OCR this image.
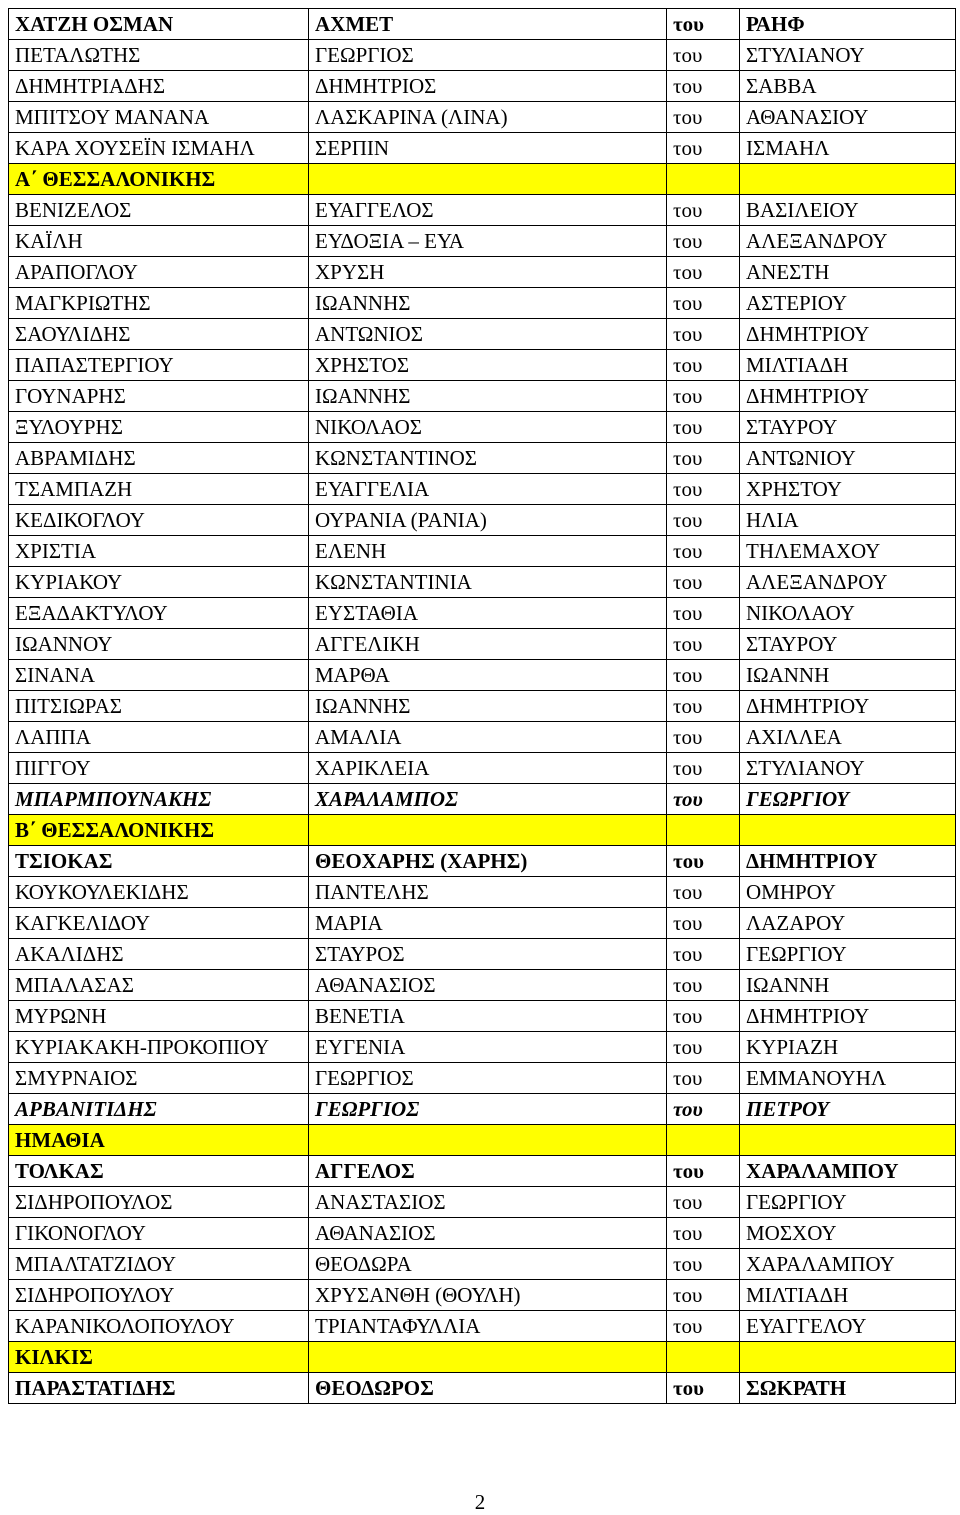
ΧΑΤΖΗ ΟΣΜΑΝ	ΑΧΜΕΤ	του	ΡΑΗΦ
ΠΕΤΑΛΩΤΗΣ	ΓΕΩΡΓΙΟΣ	του	ΣΤΥΛΙΑΝΟΥ
ΔΗΜΗΤΡΙΑΔΗΣ	ΔΗΜΗΤΡΙΟΣ	του	ΣΑΒΒΑ
ΜΠΙΤΣΟΥ ΜΑΝΑΝΑ	ΛΑΣΚΑΡΙΝΑ (ΛΙΝΑ)	του	ΑΘΑΝΑΣΙΟΥ
ΚΑΡΑ ΧΟΥΣΕΪΝ ΙΣΜΑΗΛ	ΣΕΡΠΙΝ	του	ΙΣΜΑΗΛ
Α΄ ΘΕΣΣΑΛΟΝΙΚΗΣ			
ΒΕΝΙΖΕΛΟΣ	ΕΥΑΓΓΕΛΟΣ	του	ΒΑΣΙΛΕΙΟΥ
ΚΑΪΛΗ	ΕΥΔΟΞΙΑ – ΕΥΑ	του	ΑΛΕΞΑΝΔΡΟΥ
ΑΡΑΠΟΓΛΟΥ	ΧΡΥΣΗ	του	ΑΝΕΣΤΗ
ΜΑΓΚΡΙΩΤΗΣ	ΙΩΑΝΝΗΣ	του	ΑΣΤΕΡΙΟΥ
ΣΑΟΥΛΙΔΗΣ	ΑΝΤΩΝΙΟΣ	του	ΔΗΜΗΤΡΙΟΥ
ΠΑΠΑΣΤΕΡΓΙΟΥ	ΧΡΗΣΤΟΣ	του	ΜΙΛΤΙΑΔΗ
ΓΟΥΝΑΡΗΣ	ΙΩΑΝΝΗΣ	του	ΔΗΜΗΤΡΙΟΥ
ΞΥΛΟΥΡΗΣ	ΝΙΚΟΛΑΟΣ	του	ΣΤΑΥΡΟΥ
ΑΒΡΑΜΙΔΗΣ	ΚΩΝΣΤΑΝΤΙΝΟΣ	του	ΑΝΤΩΝΙΟΥ
ΤΣΑΜΠΑΖΗ	ΕΥΑΓΓΕΛΙΑ	του	ΧΡΗΣΤΟΥ
ΚΕΔΙΚΟΓΛΟΥ	ΟΥΡΑΝΙΑ (ΡΑΝΙΑ)	του	ΗΛΙΑ
ΧΡΙΣΤΙΑ	ΕΛΕΝΗ	του	ΤΗΛΕΜΑΧΟΥ
ΚΥΡΙΑΚΟΥ	ΚΩΝΣΤΑΝΤΙΝΙΑ	του	ΑΛΕΞΑΝΔΡΟΥ
ΕΞΑΔΑΚΤΥΛΟΥ	ΕΥΣΤΑΘΙΑ	του	ΝΙΚΟΛΑΟΥ
ΙΩΑΝΝΟΥ	ΑΓΓΕΛΙΚΗ	του	ΣΤΑΥΡΟΥ
ΣΙΝΑΝΑ	ΜΑΡΘΑ	του	ΙΩΑΝΝΗ
ΠΙΤΣΙΩΡΑΣ	ΙΩΑΝΝΗΣ	του	ΔΗΜΗΤΡΙΟΥ
ΛΑΠΠΑ	ΑΜΑΛΙΑ	του	ΑΧΙΛΛΕΑ
ΠΙΓΓΟΥ	ΧΑΡΙΚΛΕΙΑ	του	ΣΤΥΛΙΑΝΟΥ
ΜΠΑΡΜΠΟΥΝΑΚΗΣ	ΧΑΡΑΛΑΜΠΟΣ	του	ΓΕΩΡΓΙΟΥ
Β΄ ΘΕΣΣΑΛΟΝΙΚΗΣ			
ΤΣΙΟΚΑΣ	ΘΕΟΧΑΡΗΣ (ΧΑΡΗΣ)	του	ΔΗΜΗΤΡΙΟΥ
ΚΟΥΚΟΥΛΕΚΙΔΗΣ	ΠΑΝΤΕΛΗΣ	του	ΟΜΗΡΟΥ
ΚΑΓΚΕΛΙΔΟΥ	ΜΑΡΙΑ	του	ΛΑΖΑΡΟΥ
ΑΚΑΛΙΔΗΣ	ΣΤΑΥΡΟΣ	του	ΓΕΩΡΓΙΟΥ
ΜΠΑΛΑΣΑΣ	ΑΘΑΝΑΣΙΟΣ	του	ΙΩΑΝΝΗ
ΜΥΡΩΝΗ	ΒΕΝΕΤΙΑ	του	ΔΗΜΗΤΡΙΟΥ
ΚΥΡΙΑΚΑΚΗ-ΠΡΟΚΟΠΙΟΥ	ΕΥΓΕΝΙΑ	του	ΚΥΡΙΑΖΗ
ΣΜΥΡΝΑΙΟΣ	ΓΕΩΡΓΙΟΣ	του	ΕΜΜΑΝΟΥΗΛ
ΑΡΒΑΝΙΤΙΔΗΣ	ΓΕΩΡΓΙΟΣ	του	ΠΕΤΡΟΥ
ΗΜΑΘΙΑ			
ΤΟΛΚΑΣ	ΑΓΓΕΛΟΣ	του	ΧΑΡΑΛΑΜΠΟΥ
ΣΙΔΗΡΟΠΟΥΛΟΣ	ΑΝΑΣΤΑΣΙΟΣ	του	ΓΕΩΡΓΙΟΥ
ΓΙΚΟΝΟΓΛΟΥ	ΑΘΑΝΑΣΙΟΣ	του	ΜΟΣΧΟΥ
ΜΠΑΛΤΑΤΖΙΔΟΥ	ΘΕΟΔΩΡΑ	του	ΧΑΡΑΛΑΜΠΟΥ
ΣΙΔΗΡΟΠΟΥΛΟΥ	ΧΡΥΣΑΝΘΗ (ΘΟΥΛΗ)	του	ΜΙΛΤΙΑΔΗ
ΚΑΡΑΝΙΚΟΛΟΠΟΥΛΟΥ	ΤΡΙΑΝΤΑΦΥΛΛΙΑ	του	ΕΥΑΓΓΕΛΟΥ
ΚΙΛΚΙΣ			
ΠΑΡΑΣΤΑΤΙΔΗΣ	ΘΕΟΔΩΡΟΣ	του	ΣΩΚΡΑΤΗ
2
